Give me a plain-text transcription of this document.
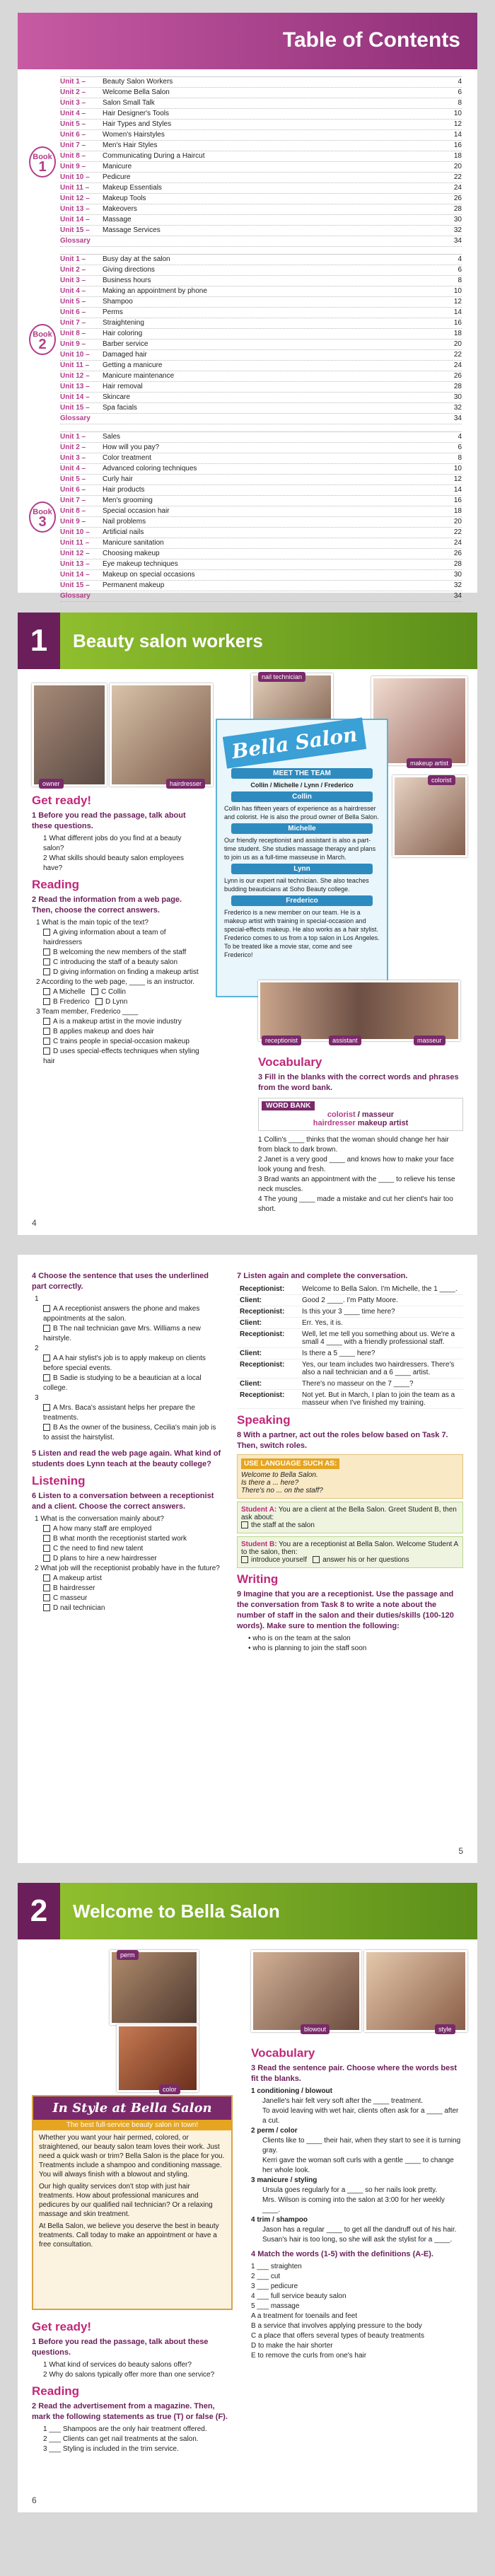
Table of Contents
Book
1
Unit 1 –	Beauty Salon Workers	4
Unit 2 –	Welcome Bella Salon	6
Unit 3 –	Salon Small Talk	8
Unit 4 –	Hair Designer's Tools	10
Unit 5 –	Hair Types and Styles	12
Unit 6 –	Women's Hairstyles	14
Unit 7 –	Men's Hair Styles	16
Unit 8 –	Communicating During a Haircut	18
Unit 9 –	Manicure	20
Unit 10 –	Pedicure	22
Unit 11 –	Makeup Essentials	24
Unit 12 –	Makeup Tools	26
Unit 13 –	Makeovers	28
Unit 14 –	Massage	30
Unit 15 –	Massage Services	32
Glossary	34
Book
2
Unit 1 –	Busy day at the salon	4
Unit 2 –	Giving directions	6
Unit 3 –	Business hours	8
Unit 4 –	Making an appointment by phone	10
Unit 5 –	Shampoo	12
Unit 6 –	Perms	14
Unit 7 –	Straightening	16
Unit 8 –	Hair coloring	18
Unit 9 –	Barber service	20
Unit 10 –	Damaged hair	22
Unit 11 –	Getting a manicure	24
Unit 12 –	Manicure maintenance	26
Unit 13 –	Hair removal	28
Unit 14 –	Skincare	30
Unit 15 –	Spa facials	32
Glossary	34
Book
3
Unit 1 –	Sales	4
Unit 2 –	How will you pay?	6
Unit 3 –	Color treatment	8
Unit 4 –	Advanced coloring techniques	10
Unit 5 –	Curly hair	12
Unit 6 –	Hair products	14
Unit 7 –	Men's grooming	16
Unit 8 –	Special occasion hair	18
Unit 9 –	Nail problems	20
Unit 10 –	Artificial nails	22
Unit 11 –	Manicure sanitation	24
Unit 12 –	Choosing makeup	26
Unit 13 –	Eye makeup techniques	28
Unit 14 –	Makeup on special occasions	30
Unit 15 –	Permanent makeup	32
Glossary	34
1	Beauty salon workers
owner	hairdresser
nail technician
makeup artist
colorist
Bella Salon
MEET THE TEAM

Collin / Michelle / Lynn / Frederico

Collin

Collin has fifteen years of experience as a hairdresser and colorist. He is also the proud owner of Bella Salon.

Michelle

Our friendly receptionist and assistant is also a part-time student. She studies massage therapy and plans to join us as a full-time masseuse in March.

Lynn

Lynn is our expert nail technician. She also teaches budding beauticians at Soho Beauty college.

Frederico

Frederico is a new member on our team. He is a makeup artist with training in special-occasion and special-effects makeup. He also works as a hair stylist. Frederico comes to us from a top salon in Los Angeles. To be treated like a movie star, come and see Frederico!

receptionist	assistant	masseur
Get ready!
1 Before you read the passage, talk about these questions.
1 What different jobs do you find at a beauty salon?
2 What skills should beauty salon employees have?
Reading
2 Read the information from a web page. Then, choose the correct answers.
1 What is the main topic of the text?
A giving information about a team of hairdressers
B welcoming the new members of the staff
C introducing the staff of a beauty salon
D giving information on finding a makeup artist
2 According to the web page, ____ is an instructor.
A Michelle C Collin
B Frederico D Lynn
3 Team member, Frederico ____
A is a makeup artist in the movie industry
B applies makeup and does hair
C trains people in special-occasion makeup
D uses special-effects techniques when styling hair	Vocabulary
3 Fill in the blanks with the correct words and phrases from the word bank.
WORD BANK
colorist / masseur
hairdresser makeup artist
1 Collin's ____ thinks that the woman should change her hair from black to dark brown.
2 Janet is a very good ____ and knows how to make your face look young and fresh.
3 Brad wants an appointment with the ____ to relieve his tense neck muscles.
4 The young ____ made a mistake and cut her client's hair too short.
4
4 Choose the sentence that uses the underlined part correctly.
1
A A receptionist answers the phone and makes appointments at the salon.
B The nail technician gave Mrs. Williams a new hairstyle.
2
A A hair stylist's job is to apply makeup on clients before special events.
B Sadie is studying to be a beautician at a local college.
3
A Mrs. Baca's assistant helps her prepare the treatments.
B As the owner of the business, Cecilia's main job is to assist the hairstylist.
5 Listen and read the web page again. What kind of students does Lynn teach at the beauty college?
Listening
6 Listen to a conversation between a receptionist and a client. Choose the correct answers.
1 What is the conversation mainly about?
A how many staff are employed
B what month the receptionist started work
C the need to find new talent
D plans to hire a new hairdresser
2 What job will the receptionist probably have in the future?
A makeup artist
B hairdresser
C masseur
D nail technician
7 Listen again and complete the conversation.
Receptionist:	Welcome to Bella Salon. I'm Michelle, the 1 ____.
Client:	Good 2 ____. I'm Patty Moore.
Receptionist:	Is this your 3 ____ time here?
Client:	Err. Yes, it is.
Receptionist:	Well, let me tell you something about us. We're a small 4 ____ with a friendly professional staff.
Client:	Is there a 5 ____ here?
Receptionist:	Yes, our team includes two hairdressers. There's also a nail technician and a 6 ____ artist.
Client:	There's no masseur on the 7 ____?
Receptionist:	Not yet. But in March, I plan to join the team as a masseur when I've finished my training.
Speaking
8 With a partner, act out the roles below based on Task 7. Then, switch roles.
USE LANGUAGE SUCH AS:
Welcome to Bella Salon.
Is there a ... here?
There's no ... on the staff?
Student A: You are a client at the Bella Salon. Greet Student B, then ask about:
the staff at the salon
Student B: You are a receptionist at Bella Salon. Welcome Student A to the salon, then:
introduce yourself answer his or her questions
Writing
9 Imagine that you are a receptionist. Use the passage and the conversation from Task 8 to write a note about the number of staff in the salon and their duties/skills (100-120 words). Make sure to mention the following:
• who is on the team at the salon
• who is planning to join the staff soon
5
2	Welcome to Bella Salon
perm
color
blowout	style
In Style at Bella Salon
The best full-service beauty salon in town!

Whether you want your hair permed, colored, or straightened, our beauty salon team loves their work. Just need a quick wash or trim? Bella Salon is the place for you. Treatments include a shampoo and conditioning massage. You will always finish with a blowout and styling.

Our high quality services don't stop with just hair treatments. How about professional manicures and pedicures by our qualified nail technician? Or a relaxing massage and skin treatment.

At Bella Salon, we believe you deserve the best in beauty treatments. Call today to make an appointment or have a free consultation.

Get ready!
1 Before you read the passage, talk about these questions.
1 What kind of services do beauty salons offer?
2 Why do salons typically offer more than one service?
Reading
2 Read the advertisement from a magazine. Then, mark the following statements as true (T) or false (F).
1 ___ Shampoos are the only hair treatment offered.
2 ___ Clients can get nail treatments at the salon.
3 ___ Styling is included in the trim service.
Vocabulary
3 Read the sentence pair. Choose where the words best fit the blanks.
1 conditioning / blowout
Janelle's hair felt very soft after the ____ treatment.
To avoid leaving with wet hair, clients often ask for a ____ after a cut.
2 perm / color
Clients like to ____ their hair, when they start to see it is turning gray.
Kerri gave the woman soft curls with a gentle ____ to change her whole look.
3 manicure / styling
Ursula goes regularly for a ____ so her nails look pretty.
Mrs. Wilson is coming into the salon at 3:00 for her weekly ____.
4 trim / shampoo
Jason has a regular ____ to get all the dandruff out of his hair.
Susan's hair is too long, so she will ask the stylist for a ____.
4 Match the words (1-5) with the definitions (A-E).
1 ___ straighten
2 ___ cut
3 ___ pedicure
4 ___ full service beauty salon
5 ___ massage
A a treatment for toenails and feet
B a service that involves applying pressure to the body
C a place that offers several types of beauty treatments
D to make the hair shorter
E to remove the curls from one's hair
6
